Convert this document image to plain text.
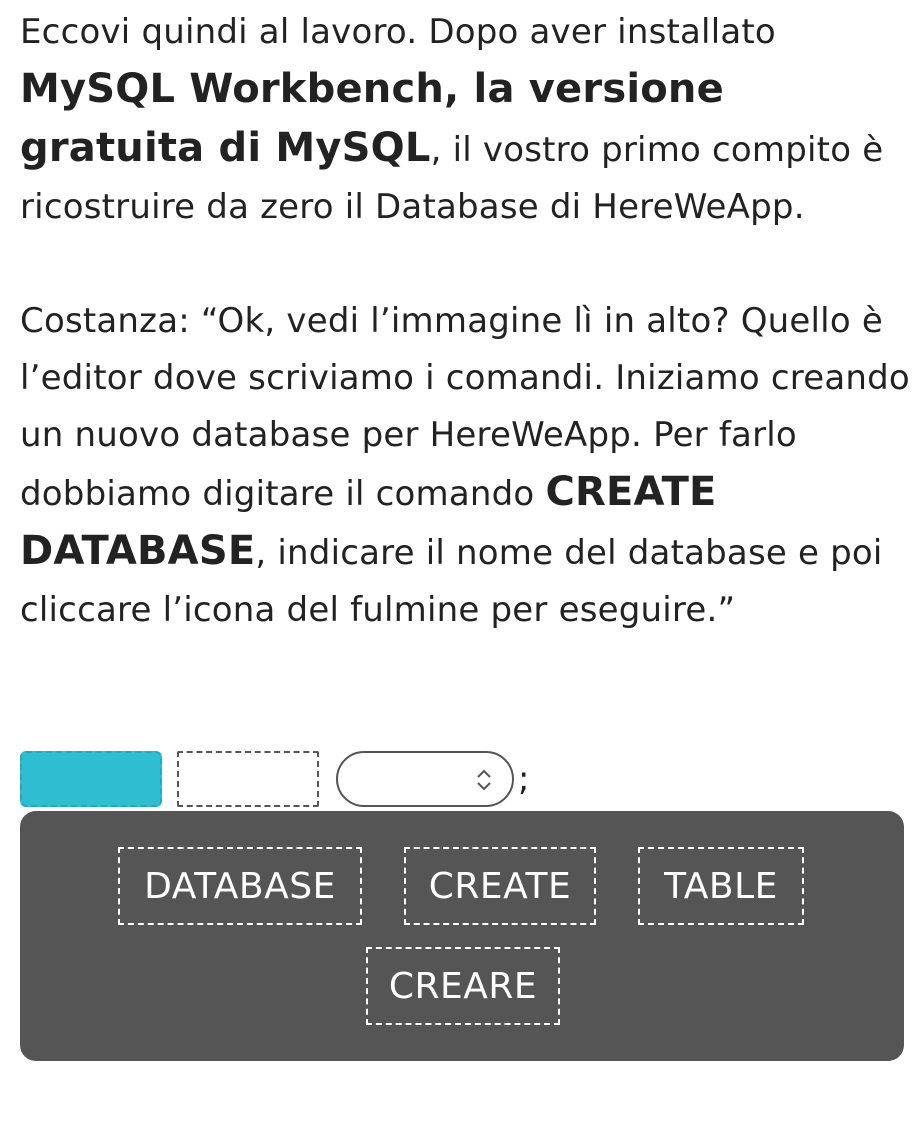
Eccovi quindi al lavoro. Dopo aver installato MySQL Workbench, la versione gratuita di MySQL, il vostro primo compito è ricostruire da zero il Database di HereWeApp.

Costanza: “Ok, vedi l’immagine lì in alto? Quello è l’editor dove scriviamo i comandi. Iniziamo creando un nuovo database per HereWeApp. Per farlo dobbiamo digitare il comando CREATE DATABASE, indicare il nome del database e poi cliccare l’icona del fulmine per eseguire.”

;
DATABASE	CREATE	TABLE
CREARE
